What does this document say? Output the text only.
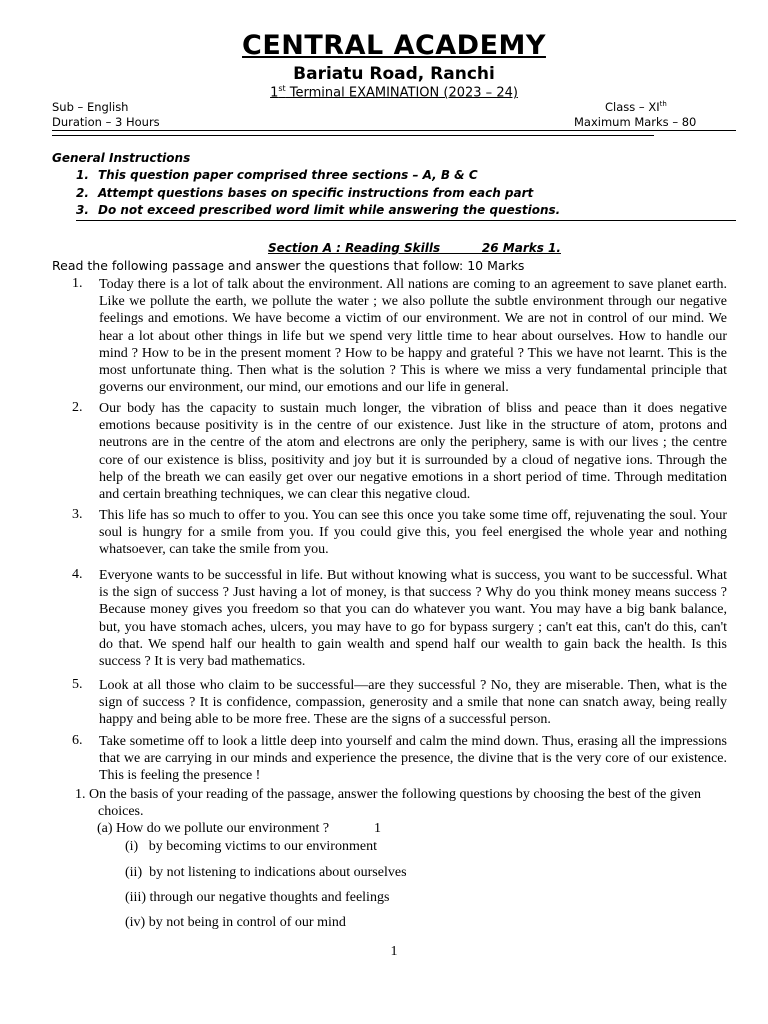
CENTRAL ACADEMY
Bariatu Road, Ranchi
1st Terminal EXAMINATION (2023 – 24)
Sub – English	Class – XIth
Duration – 3 Hours	Maximum Marks – 80
General Instructions
1. This question paper comprised three sections – A, B & C
2. Attempt questions bases on specific instructions from each part
3. Do not exceed prescribed word limit while answering the questions.
Section A : Reading Skills          26 Marks 1.
Read the following passage and answer the questions that follow: 10 Marks
1. Today there is a lot of talk about the environment. All nations are coming to an agreement to save planet earth. Like we pollute the earth, we pollute the water ; we also pollute the subtle environment through our negative feelings and emotions. We have become a victim of our environment. We are not in control of our mind. We hear a lot about other things in life but we spend very little time to hear about ourselves. How to handle our mind ? How to be in the present moment ? How to be happy and grateful ? This we have not learnt. This is the most unfortunate thing. Then what is the solution ? This is where we miss a very fundamental principle that governs our environment, our mind, our emotions and our life in general.
2. Our body has the capacity to sustain much longer, the vibration of bliss and peace than it does negative emotions because positivity is in the centre of our existence. Just like in the structure of atom, protons and neutrons are in the centre of the atom and electrons are only the periphery, same is with our lives ; the centre core of our existence is bliss, positivity and joy but it is surrounded by a cloud of negative ions. Through the help of the breath we can easily get over our negative emotions in a short period of time. Through meditation and certain breathing techniques, we can clear this negative cloud.
3. This life has so much to offer to you. You can see this once you take some time off, rejuvenating the soul. Your soul is hungry for a smile from you. If you could give this, you feel energised the whole year and nothing whatsoever, can take the smile from you.
4. Everyone wants to be successful in life. But without knowing what is success, you want to be successful. What is the sign of success ? Just having a lot of money, is that success ? Why do you think money means success ? Because money gives you freedom so that you can do whatever you want. You may have a big bank balance, but, you have stomach aches, ulcers, you may have to go for bypass surgery ; can't eat this, can't do this, can't do that. We spend half our health to gain wealth and spend half our wealth to gain back the health. Is this success ? It is very bad mathematics.
5. Look at all those who claim to be successful—are they successful ? No, they are miserable. Then, what is the sign of success ? It is confidence, compassion, generosity and a smile that none can snatch away, being really happy and being able to be more free. These are the signs of a successful person.
6. Take sometime off to look a little deep into yourself and calm the mind down. Thus, erasing all the impressions that we are carrying in our minds and experience the presence, the divine that is the very core of our existence. This is feeling the presence !
1. On the basis of your reading of the passage, answer the following questions by choosing the best of the given
choices.
(a) How do we pollute our environment ?	1
(i)   by becoming victims to our environment
(ii)  by not listening to indications about ourselves
(iii) through our negative thoughts and feelings
(iv) by not being in control of our mind
1
